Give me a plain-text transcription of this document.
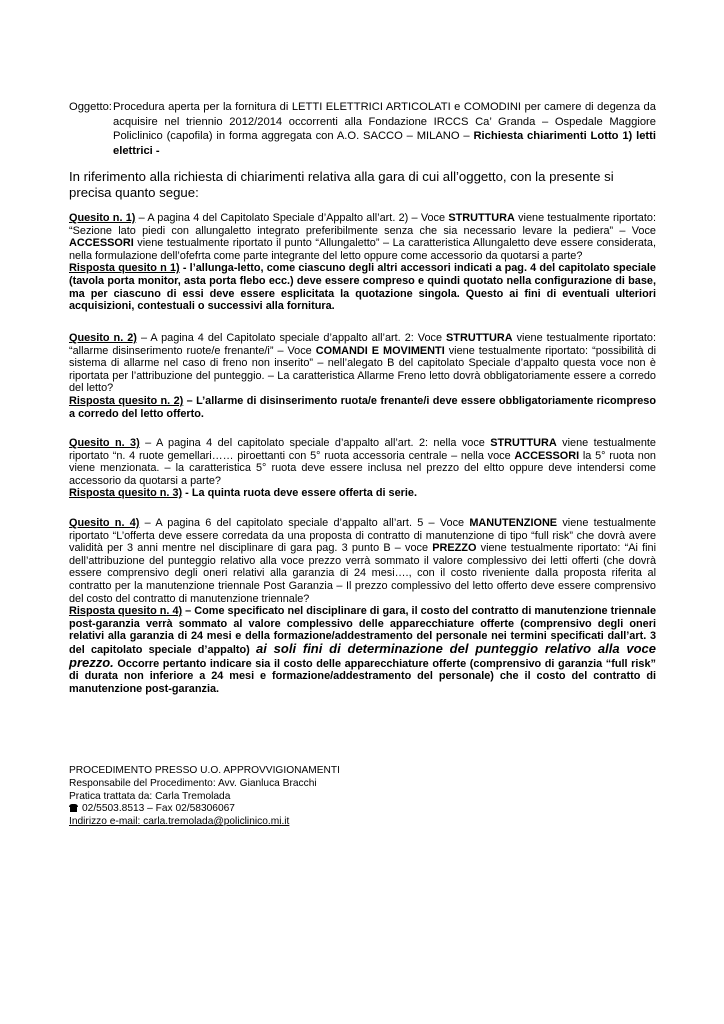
Oggetto: Procedura aperta per la fornitura di LETTI ELETTRICI ARTICOLATI e COMODINI per camere di degenza da acquisire nel triennio 2012/2014 occorrenti alla Fondazione IRCCS Ca’ Granda – Ospedale Maggiore Policlinico (capofila) in forma aggregata con A.O. SACCO – MILANO – Richiesta chiarimenti Lotto 1) letti elettrici -
In riferimento alla richiesta di chiarimenti relativa alla gara di cui all’oggetto, con la presente si precisa quanto segue:
Quesito n. 1) – A pagina 4 del Capitolato Speciale d’Appalto all’art. 2) – Voce STRUTTURA viene testualmente riportato: “Sezione lato piedi con allungaletto integrato preferibilmente senza che sia necessario levare la pediera” – Voce ACCESSORI viene testualmente riportato il punto “Allungaletto” – La caratteristica Allungaletto deve essere considerata, nella formulazione dell’ofefrta come parte integrante del letto oppure come accessorio da quotarsi a parte?
Risposta quesito n 1) - l’allunga-letto, come ciascuno degli altri accessori indicati a pag. 4 del capitolato speciale (tavola porta monitor, asta porta flebo ecc.) deve essere compreso e quindi quotato nella configurazione di base, ma per ciascuno di essi deve essere esplicitata la quotazione singola. Questo ai fini di eventuali ulteriori acquisizioni, contestuali o successivi alla fornitura.
Quesito n. 2) – A pagina 4 del Capitolato speciale d’appalto all’art. 2: Voce STRUTTURA viene testualmente riportato: “allarme disinserimento ruote/e frenante/i” – Voce COMANDI E MOVIMENTI viene testualmente riportato: “possibilità di sistema di allarme nel caso di freno non inserito” – nell’alegato B del capitolato Speciale d’appalto questa voce non è riportata per l’attribuzione del punteggio. – La caratteristica Allarme Freno letto dovrà obbligatoriamente essere a corredo del letto?
Risposta quesito n. 2) – L’allarme di disinserimento ruota/e frenante/i deve essere obbligatoriamente ricompreso a corredo del letto offerto.
Quesito n. 3) – A pagina 4 del capitolato speciale d’appalto all’art. 2: nella voce STRUTTURA viene testualmente riportato “n. 4 ruote gemellari…… piroettanti con 5° ruota accessoria centrale – nella voce ACCESSORI la 5° ruota non viene menzionata. – la caratteristica 5° ruota deve essere inclusa nel prezzo del eltto oppure deve intendersi come accessorio da quotarsi a parte?
Risposta quesito n. 3) - La quinta ruota deve essere offerta di serie.
Quesito n. 4) – A pagina 6 del capitolato speciale d’appalto all’art. 5 – Voce MANUTENZIONE viene testualmente riportato “L’offerta deve essere corredata da una proposta di contratto di manutenzione di tipo “full risk” che dovrà avere validità per 3 anni mentre nel disciplinare di gara pag. 3 punto B – voce PREZZO viene testualmente riportato: “Ai fini dell’attribuzione del punteggio relativo alla voce prezzo verrà sommato il valore complessivo dei letti offerti (che dovrà essere comprensivo degli oneri relativi alla garanzia di 24 mesi…., con il costo riveniente dalla proposta riferita al contratto per la manutenzione triennale Post Garanzia – Il prezzo complessivo del letto offerto deve essere comprensivo del costo del contratto di manutenzione triennale?
Risposta quesito n. 4) – Come specificato nel disciplinare di gara, il costo del contratto di manutenzione triennale post-garanzia verrà sommato al valore complessivo delle apparecchiature offerte (comprensivo degli oneri relativi alla garanzia di 24 mesi e della formazione/addestramento del personale nei termini specificati dall’art. 3 del capitolato speciale d’appalto) ai soli fini di determinazione del punteggio relativo alla voce prezzo. Occorre pertanto indicare sia il costo delle apparecchiature offerte (comprensivo di garanzia “full risk” di durata non inferiore a 24 mesi e formazione/addestramento del personale) che il costo del contratto di manutenzione post-garanzia.
PROCEDIMENTO PRESSO U.O. APPROVVIGIONAMENTI
Responsabile del Procedimento: Avv. Gianluca Bracchi
Pratica trattata da: Carla Tremolada
02/5503.8513 – Fax 02/58306067
Indirizzo e-mail: carla.tremolada@policlinico.mi.it
